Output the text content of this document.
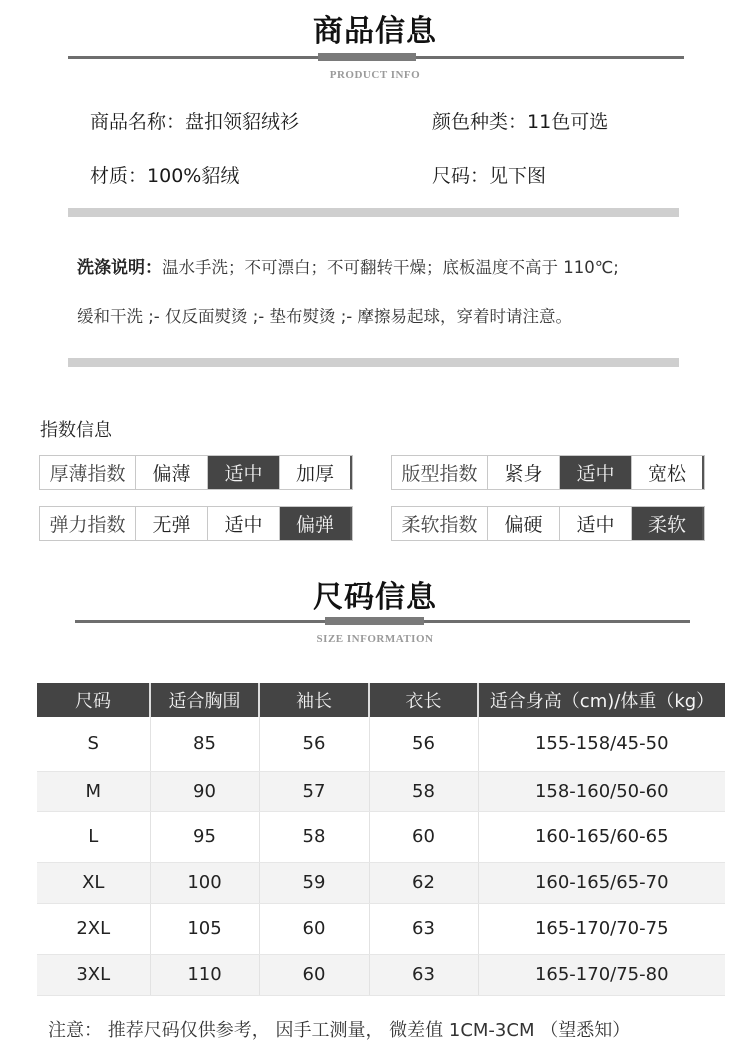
商品信息
PRODUCT INFO
商品名称：盘扣领貂绒衫	颜色种类：11色可选
材质：100%貂绒	尺码：见下图
洗涤说明：温水手洗；不可漂白；不可翻转干燥；底板温度不高于 110℃;
缓和干洗 ;- 仅反面熨烫 ;- 垫布熨烫 ;- 摩擦易起球，穿着时请注意。
指数信息
厚薄指数	偏薄	适中	加厚	版型指数	紧身	适中	宽松
弹力指数	无弹	适中	偏弹	柔软指数	偏硬	适中	柔软
尺码信息
SIZE INFORMATION
尺码	适合胸围	袖长	衣长	适合身高（cm)/体重（kg）
S	85	56	56	155-158/45-50
M	90	57	58	158-160/50-60
L	95	58	60	160-165/60-65
XL	100	59	62	160-165/65-70
2XL	105	60	63	165-170/70-75
3XL	110	60	63	165-170/75-80
注意： 推荐尺码仅供参考， 因手工测量， 微差值 1CM-3CM （望悉知）
